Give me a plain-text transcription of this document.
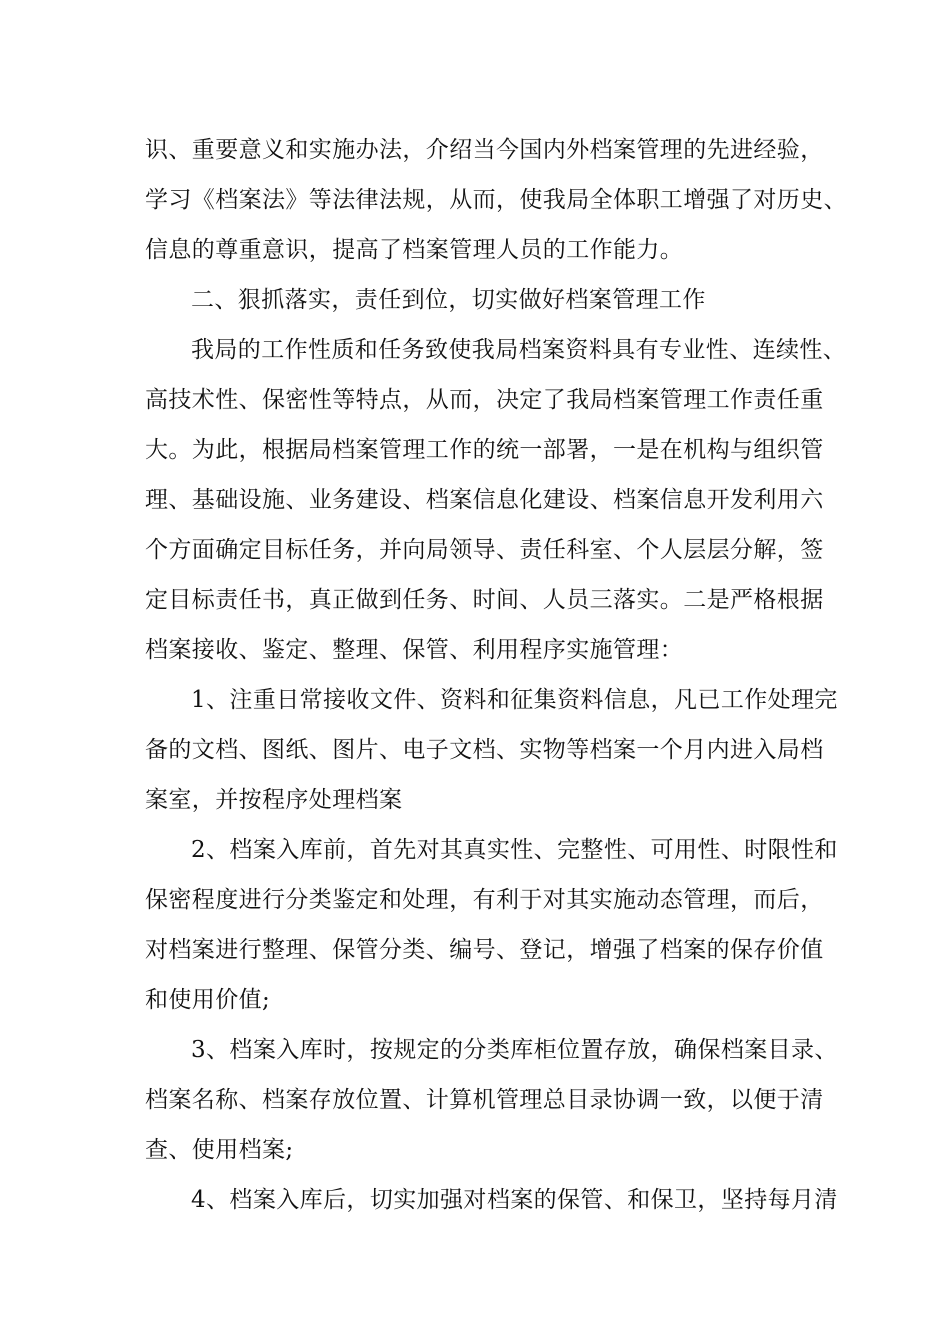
识、重要意义和实施办法，介绍当今国内外档案管理的先进经验，
学习《档案法》等法律法规，从而，使我局全体职工增强了对历史、
信息的尊重意识，提高了档案管理人员的工作能力。
二、狠抓落实，责任到位，切实做好档案管理工作
我局的工作性质和任务致使我局档案资料具有专业性、连续性、
高技术性、保密性等特点，从而，决定了我局档案管理工作责任重
大。为此，根据局档案管理工作的统一部署，一是在机构与组织管
理、基础设施、业务建设、档案信息化建设、档案信息开发利用六
个方面确定目标任务，并向局领导、责任科室、个人层层分解，签
定目标责任书，真正做到任务、时间、人员三落实。二是严格根据
档案接收、鉴定、整理、保管、利用程序实施管理：
1、注重日常接收文件、资料和征集资料信息，凡已工作处理完
备的文档、图纸、图片、电子文档、实物等档案一个月内进入局档
案室，并按程序处理档案
2、档案入库前，首先对其真实性、完整性、可用性、时限性和
保密程度进行分类鉴定和处理，有利于对其实施动态管理，而后，
对档案进行整理、保管分类、编号、登记，增强了档案的保存价值
和使用价值;
3、档案入库时，按规定的分类库柜位置存放，确保档案目录、
档案名称、档案存放位置、计算机管理总目录协调一致，以便于清
查、使用档案;
4、档案入库后，切实加强对档案的保管、和保卫，坚持每月清
